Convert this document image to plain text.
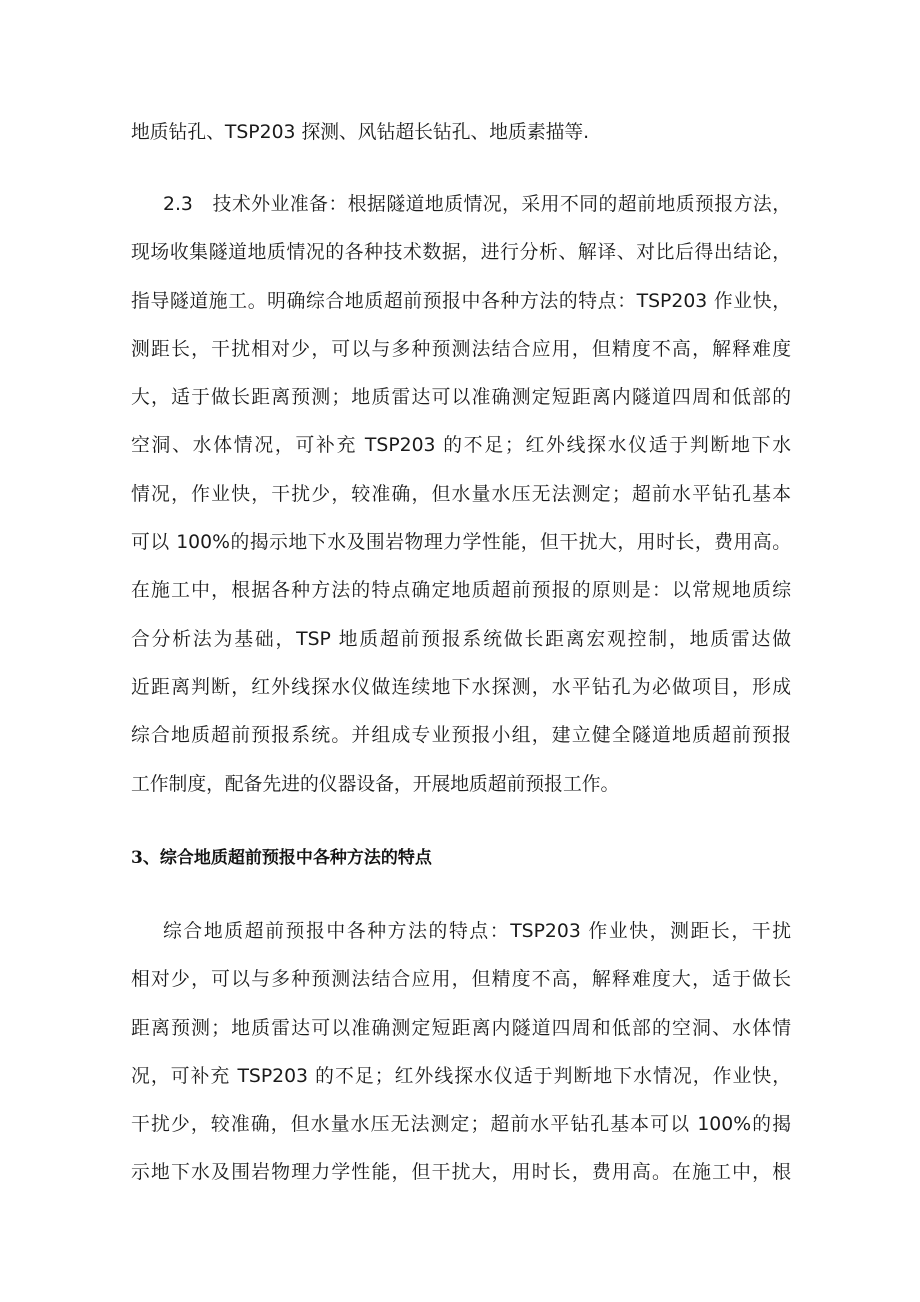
地质钻孔、TSP203 探测、风钻超长钻孔、地质素描等.
2.3　技术外业准备：根据隧道地质情况，采用不同的超前地质预报方法，
现场收集隧道地质情况的各种技术数据，进行分析、解译、对比后得出结论，
指导隧道施工。明确综合地质超前预报中各种方法的特点：TSP203 作业快，
测距长，干扰相对少，可以与多种预测法结合应用，但精度不高，解释难度
大，适于做长距离预测；地质雷达可以准确测定短距离内隧道四周和低部的
空洞、水体情况，可补充 TSP203 的不足；红外线探水仪适于判断地下水
情况，作业快，干扰少，较准确，但水量水压无法测定；超前水平钻孔基本
可以 100%的揭示地下水及围岩物理力学性能，但干扰大，用时长，费用高。
在施工中，根据各种方法的特点确定地质超前预报的原则是：以常规地质综
合分析法为基础，TSP 地质超前预报系统做长距离宏观控制，地质雷达做
近距离判断，红外线探水仪做连续地下水探测，水平钻孔为必做项目，形成
综合地质超前预报系统。并组成专业预报小组，建立健全隧道地质超前预报
工作制度，配备先进的仪器设备，开展地质超前预报工作。
3、综合地质超前预报中各种方法的特点
综合地质超前预报中各种方法的特点：TSP203 作业快，测距长，干扰
相对少，可以与多种预测法结合应用，但精度不高，解释难度大，适于做长
距离预测；地质雷达可以准确测定短距离内隧道四周和低部的空洞、水体情
况，可补充 TSP203 的不足；红外线探水仪适于判断地下水情况，作业快，
干扰少，较准确，但水量水压无法测定；超前水平钻孔基本可以 100%的揭
示地下水及围岩物理力学性能，但干扰大，用时长，费用高。在施工中，根
